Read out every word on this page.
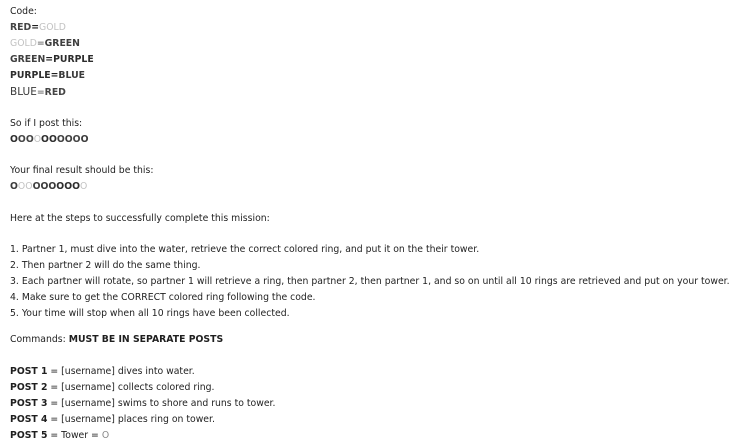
Code:
RED=GOLD
GOLD=GREEN
GREEN=PURPLE
PURPLE=BLUE
BLUE=RED
So if I post this:
OOOOOOOOOO
Your final result should be this:
OOOOOOOOOO
Here at the steps to successfully complete this mission:
1. Partner 1, must dive into the water, retrieve the correct colored ring, and put it on the their tower.
2. Then partner 2 will do the same thing.
3. Each partner will rotate, so partner 1 will retrieve a ring, then partner 2, then partner 1, and so on until all 10 rings are retrieved and put on your tower.
4. Make sure to get the CORRECT colored ring following the code.
5. Your time will stop when all 10 rings have been collected.
Commands: MUST BE IN SEPARATE POSTS
POST 1 = [username] dives into water.
POST 2 = [username] collects colored ring.
POST 3 = [username] swims to shore and runs to tower.
POST 4 = [username] places ring on tower.
POST 5 = Tower = O
